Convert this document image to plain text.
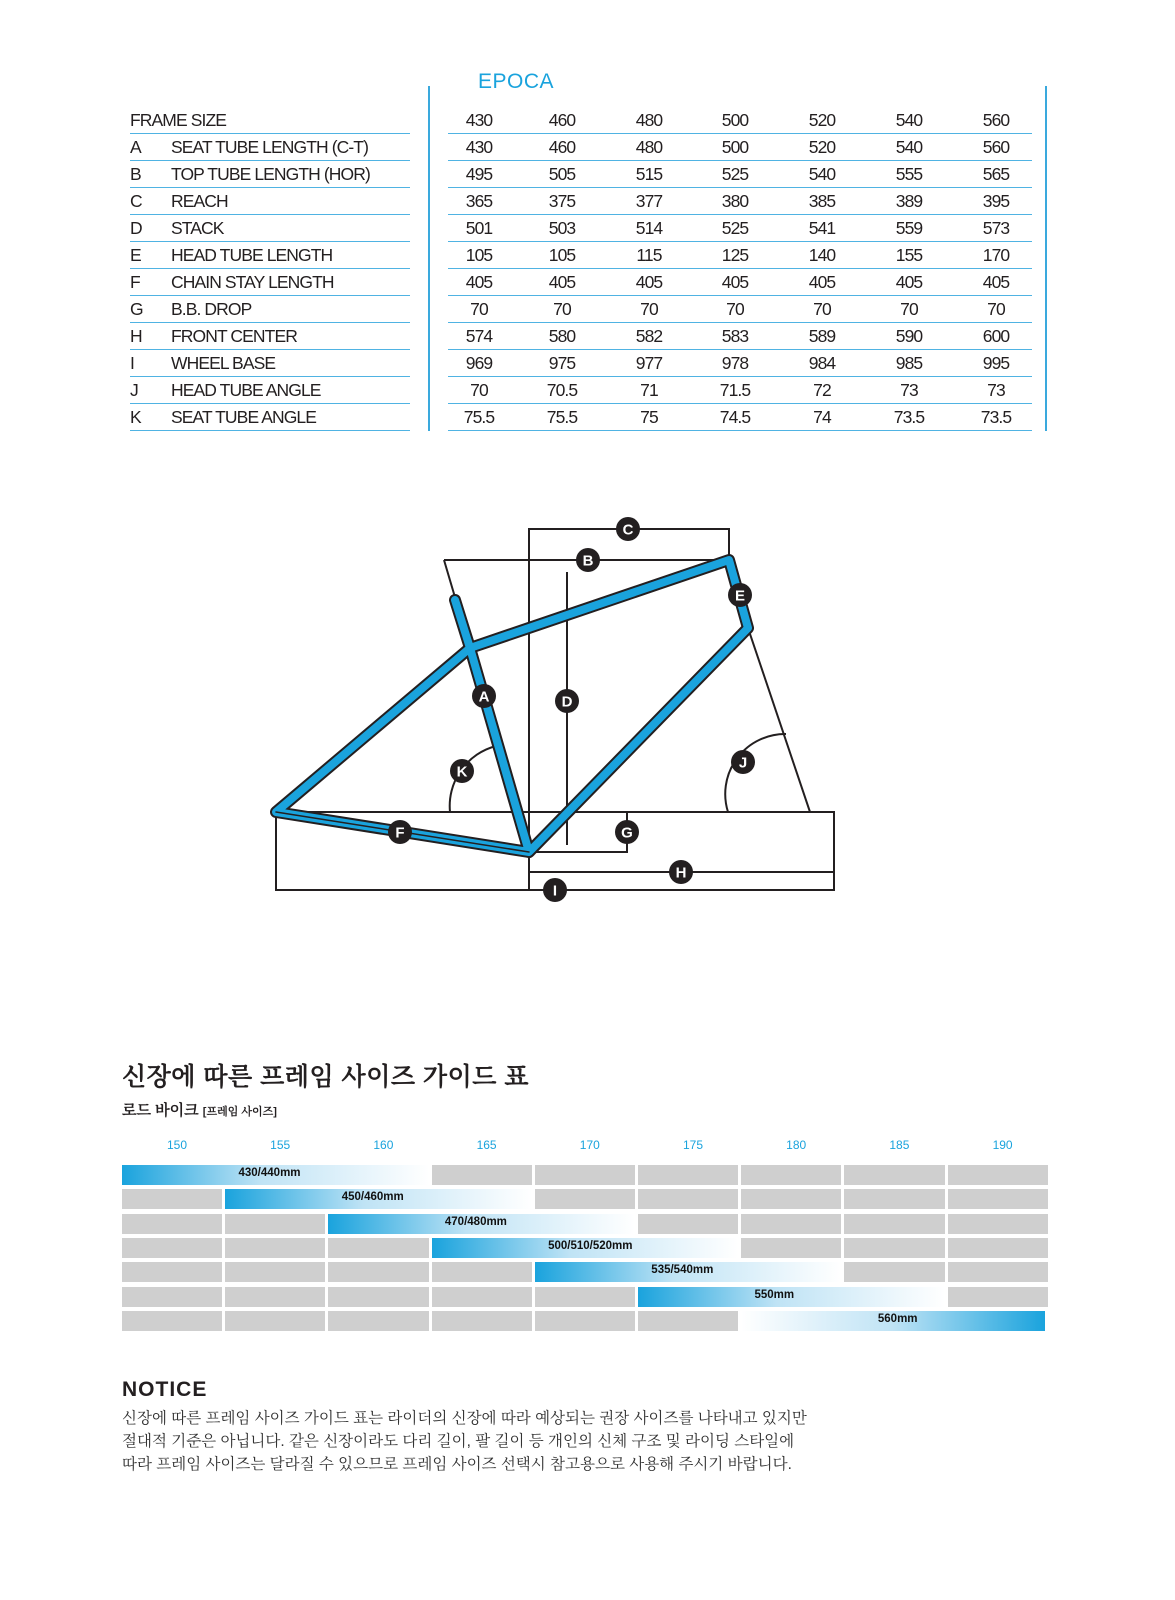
EPOCA
FRAME SIZE	430	460	480	500	520	540	560
A SEAT TUBE LENGTH (C-T)	430	460	480	500	520	540	560
B TOP TUBE LENGTH (HOR)	495	505	515	525	540	555	565
C REACH	365	375	377	380	385	389	395
D STACK	501	503	514	525	541	559	573
E HEAD TUBE LENGTH	105	105	115	125	140	155	170
F CHAIN STAY LENGTH	405	405	405	405	405	405	405
G B.B. DROP	70	70	70	70	70	70	70
H FRONT CENTER	574	580	582	583	589	590	600
I WHEEL BASE	969	975	977	978	984	985	995
J HEAD TUBE ANGLE	70	70.5	71	71.5	72	73	73
K SEAT TUBE ANGLE	75.5	75.5	75	74.5	74	73.5	73.5
A
B
C
D
E
F	G
H
I
J
K
신장에 따른 프레임 사이즈 가이드 표
로드 바이크 [프레임 사이즈]
150	155	160	165	170	175	180	185	190
430/440mm
450/460mm
470/480mm
500/510/520mm
535/540mm
550mm
560mm
NOTICE
신장에 따른 프레임 사이즈 가이드 표는 라이더의 신장에 따라 예상되는 권장 사이즈를 나타내고 있지만
절대적 기준은 아닙니다. 같은 신장이라도 다리 길이, 팔 길이 등 개인의 신체 구조 및 라이딩 스타일에
따라 프레임 사이즈는 달라질 수 있으므로 프레임 사이즈 선택시 참고용으로 사용해 주시기 바랍니다.
